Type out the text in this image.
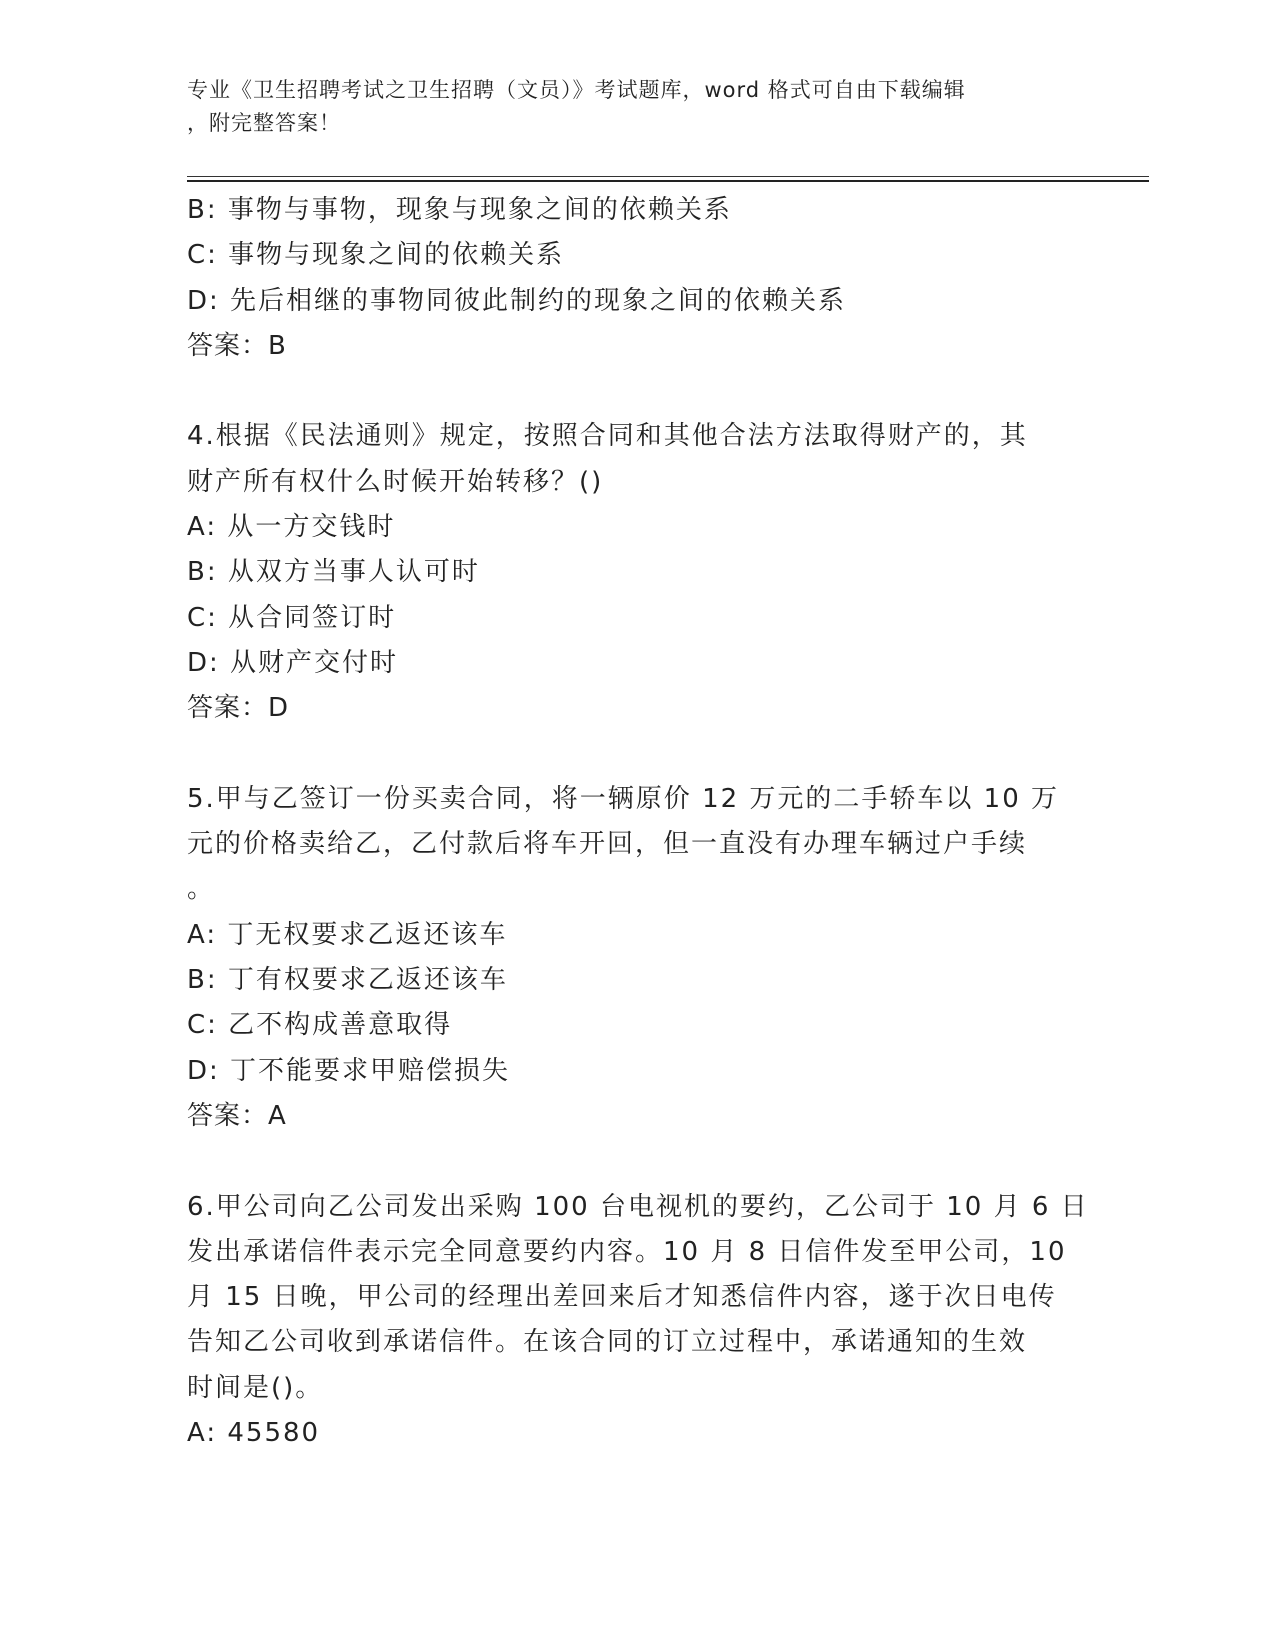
专业《卫生招聘考试之卫生招聘（文员）》考试题库，word 格式可自由下载编辑
，附完整答案！
B: 事物与事物，现象与现象之间的依赖关系
C: 事物与现象之间的依赖关系
D: 先后相继的事物同彼此制约的现象之间的依赖关系
答案：B
4.根据《民法通则》规定，按照合同和其他合法方法取得财产的，其
财产所有权什么时候开始转移？()
A: 从一方交钱时
B: 从双方当事人认可时
C: 从合同签订时
D: 从财产交付时
答案：D
5.甲与乙签订一份买卖合同，将一辆原价 12 万元的二手轿车以 10 万
元的价格卖给乙，乙付款后将车开回，但一直没有办理车辆过户手续
。
A: 丁无权要求乙返还该车
B: 丁有权要求乙返还该车
C: 乙不构成善意取得
D: 丁不能要求甲赔偿损失
答案：A
6.甲公司向乙公司发出采购 100 台电视机的要约，乙公司于 10 月 6 日
发出承诺信件表示完全同意要约内容。10 月 8 日信件发至甲公司，10
月 15 日晚，甲公司的经理出差回来后才知悉信件内容，遂于次日电传
告知乙公司收到承诺信件。在该合同的订立过程中，承诺通知的生效
时间是()。
A: 45580
